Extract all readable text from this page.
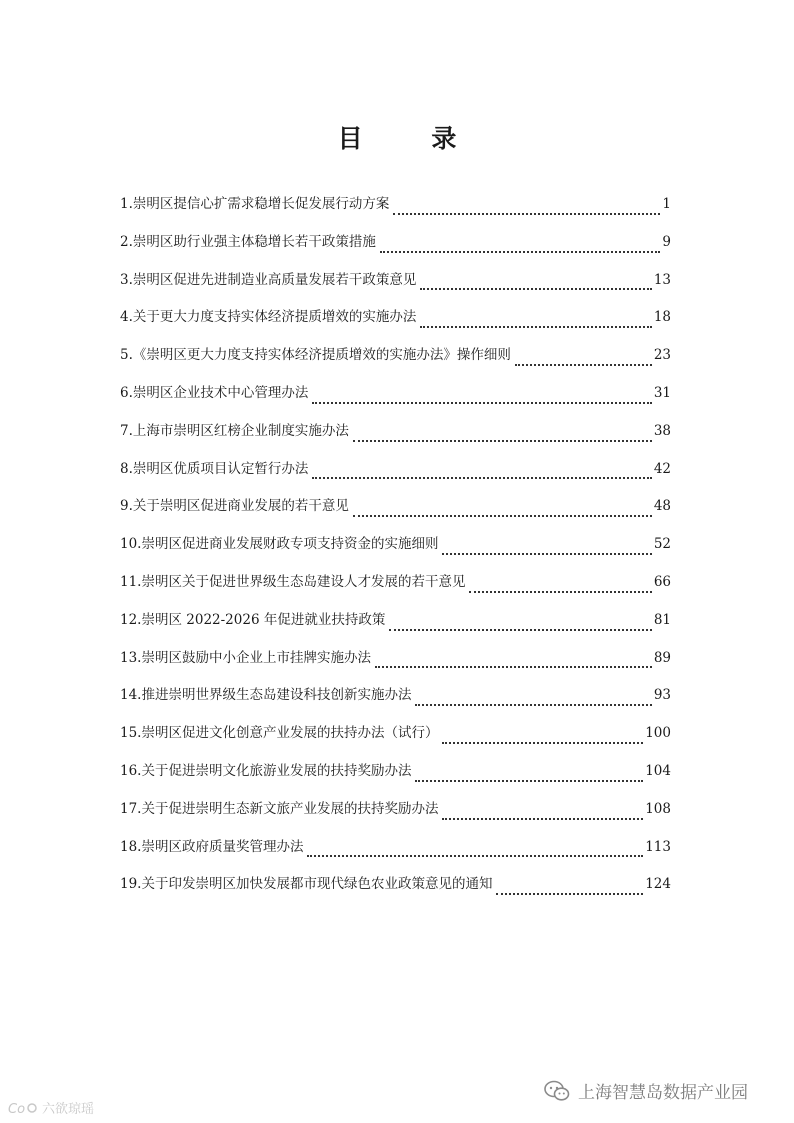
目 录
1.崇明区提信心扩需求稳增长促发展行动方案	1
2.崇明区助行业强主体稳增长若干政策措施	9
3.崇明区促进先进制造业高质量发展若干政策意见	13
4.关于更大力度支持实体经济提质增效的实施办法	18
5.《崇明区更大力度支持实体经济提质增效的实施办法》操作细则	23
6.崇明区企业技术中心管理办法	31
7.上海市崇明区红榜企业制度实施办法	38
8.崇明区优质项目认定暂行办法	42
9.关于崇明区促进商业发展的若干意见	48
10.崇明区促进商业发展财政专项支持资金的实施细则	52
11.崇明区关于促进世界级生态岛建设人才发展的若干意见	66
12.崇明区 2022-2026 年促进就业扶持政策	81
13.崇明区鼓励中小企业上市挂牌实施办法	89
14.推进崇明世界级生态岛建设科技创新实施办法	93
15.崇明区促进文化创意产业发展的扶持办法（试行）	100
16.关于促进崇明文化旅游业发展的扶持奖励办法	104
17.关于促进崇明生态新文旅产业发展的扶持奖励办法	108
18.崇明区政府质量奖管理办法	113
19.关于印发崇明区加快发展都市现代绿色农业政策意见的通知	124
上海智慧岛数据产业园
Co 六欲琼瑶
